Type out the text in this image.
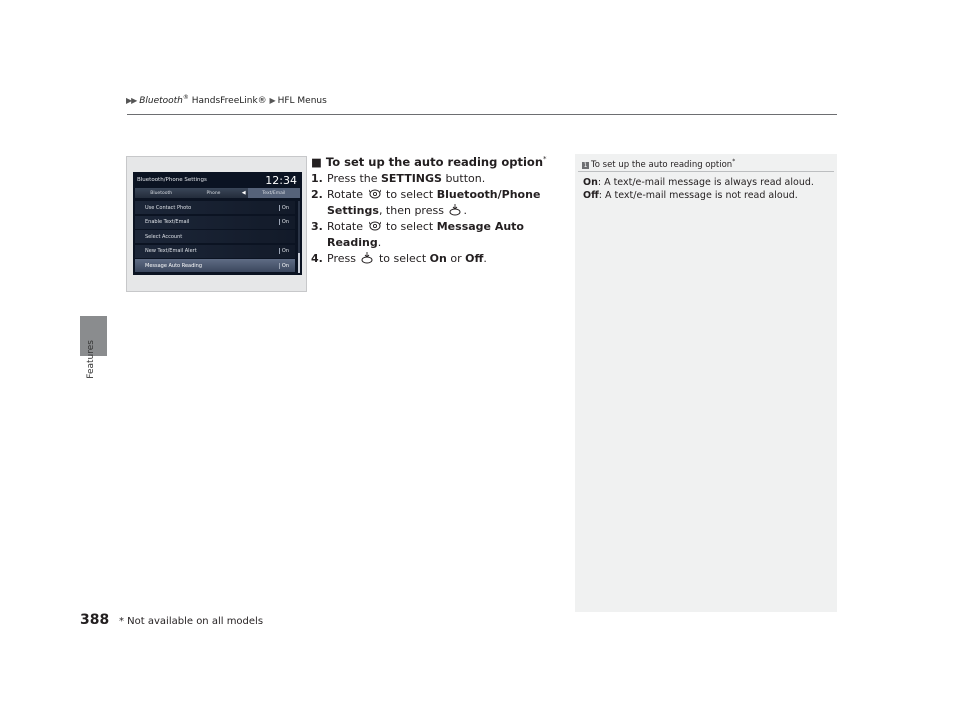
▶▶ Bluetooth® HandsFreeLink® ▶ HFL Menus
Features
Bluetooth/Phone Settings	12:34
Bluetooth	Phone	◀	Text/Email
Use Contact Photo	On
Enable Text/Email	On
Select Account
New Text/Email Alert	On
Message Auto Reading	On
■ To set up the auto reading option*
1. Press the SETTINGS button.
2. Rotate  to select Bluetooth/Phone Settings, then press .
3. Rotate  to select Message Auto Reading.
4. Press  to select On or Off.
1 To set up the auto reading option*
On: A text/e-mail message is always read aloud.
Off: A text/e-mail message is not read aloud.
388 * Not available on all models
